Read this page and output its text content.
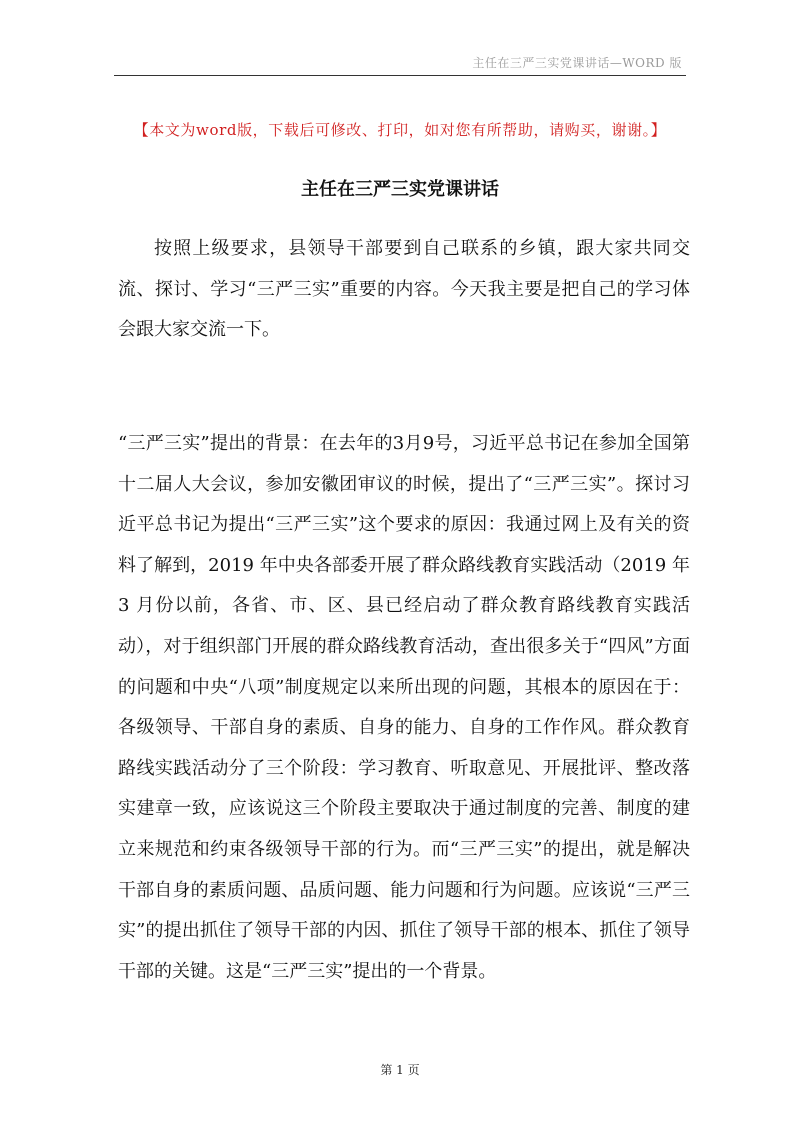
主任在三严三实党课讲话—WORD 版
【本文为word版，下载后可修改、打印，如对您有所帮助，请购买，谢谢。】
主任在三严三实党课讲话

按照上级要求，县领导干部要到自己联系的乡镇，跟大家共同交流、探讨、学习“三严三实”重要的内容。今天我主要是把自己的学习体会跟大家交流一下。

“三严三实”提出的背景：在去年的3月9号，习近平总书记在参加全国第十二届人大会议，参加安徽团审议的时候，提出了“三严三实”。探讨习近平总书记为提出“三严三实”这个要求的原因：我通过网上及有关的资料了解到，2019 年中央各部委开展了群众路线教育实践活动（2019 年 3 月份以前，各省、市、区、县已经启动了群众教育路线教育实践活动），对于组织部门开展的群众路线教育活动，查出很多关于“四风”方面的问题和中央“八项”制度规定以来所出现的问题，其根本的原因在于：各级领导、干部自身的素质、自身的能力、自身的工作作风。群众教育路线实践活动分了三个阶段：学习教育、听取意见、开展批评、整改落实建章一致，应该说这三个阶段主要取决于通过制度的完善、制度的建立来规范和约束各级领导干部的行为。而“三严三实”的提出，就是解决干部自身的素质问题、品质问题、能力问题和行为问题。应该说“三严三实”的提出抓住了领导干部的内因、抓住了领导干部的根本、抓住了领导干部的关键。这是“三严三实”提出的一个背景。

第 1 页
